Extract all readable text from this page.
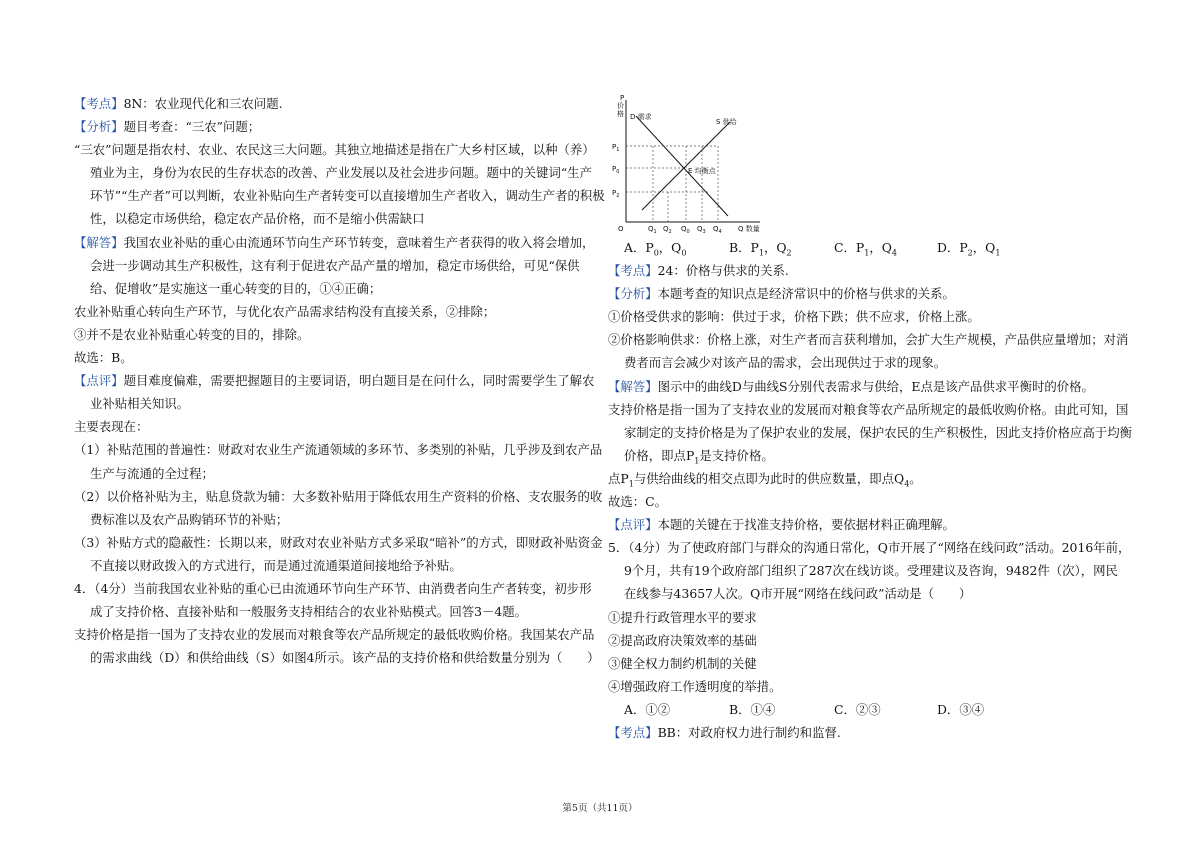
【考点】8N：农业现代化和三农问题.
【分析】题目考查：“三农”问题；
“三农”问题是指农村、农业、农民这三大问题。其独立地描述是指在广大乡村区域，以种（养）
殖业为主，身份为农民的生存状态的改善、产业发展以及社会进步问题。题中的关键词“生产
环节”“生产者”可以判断，农业补贴向生产者转变可以直接增加生产者收入，调动生产者的积极
性，以稳定市场供给，稳定农产品价格，而不是缩小供需缺口
【解答】我国农业补贴的重心由流通环节向生产环节转变，意味着生产者获得的收入将会增加，
会进一步调动其生产积极性，这有利于促进农产品产量的增加，稳定市场供给，可见“保供
给、促增收”是实施这一重心转变的目的，①④正确；
农业补贴重心转向生产环节，与优化农产品需求结构没有直接关系，②排除；
③并不是农业补贴重心转变的目的，排除。
故选：B。
【点评】题目难度偏难，需要把握题目的主要词语，明白题目是在问什么，同时需要学生了解农
业补贴相关知识。
主要表现在：
（1）补贴范围的普遍性：财政对农业生产流通领域的多环节、多类别的补贴，几乎涉及到农产品
生产与流通的全过程；
（2）以价格补贴为主，贴息贷款为辅：大多数补贴用于降低农用生产资料的价格、支农服务的收
费标准以及农产品购销环节的补贴；
（3）补贴方式的隐蔽性：长期以来，财政对农业补贴方式多采取“暗补”的方式，即财政补贴资金
不直接以财政拨入的方式进行，而是通过流通渠道间接地给予补贴。
4．（4分）当前我国农业补贴的重心已由流通环节向生产环节、由消费者向生产者转变，初步形
成了支持价格、直接补贴和一般服务支持相结合的农业补贴模式。回答3－4题。
支持价格是指一国为了支持农业的发展而对粮食等农产品所规定的最低收购价格。我国某农产品
的需求曲线（D）和供给曲线（S）如图4所示。该产品的支持价格和供给数量分别为（　　）
P
价
格
O	Q 数量
D 需求
S 供给
E 均衡点
$P_1$
$P_0$
$P_2$
$Q_1$ $Q_2$ $Q_0$ $Q_3$ $Q_4$
A．$P_0$，$Q_0$	B．$P_1$，$Q_2$	C．$P_1$，$Q_4$	D．$P_2$，$Q_1$
【考点】24：价格与供求的关系.
【分析】本题考查的知识点是经济常识中的价格与供求的关系。
①价格受供求的影响：供过于求，价格下跌；供不应求，价格上涨。
②价格影响供求：价格上涨，对生产者而言获利增加，会扩大生产规模，产品供应量增加；对消
费者而言会减少对该产品的需求，会出现供过于求的现象。
【解答】图示中的曲线D与曲线S分别代表需求与供给，E点是该产品供求平衡时的价格。
支持价格是指一国为了支持农业的发展而对粮食等农产品所规定的最低收购价格。由此可知，国
家制定的支持价格是为了保护农业的发展，保护农民的生产积极性，因此支持价格应高于均衡
价格，即点$P_1$是支持价格。
点$P_1$与供给曲线的相交点即为此时的供应数量，即点$Q_4$。
故选：C。
【点评】本题的关键在于找准支持价格，要依据材料正确理解。
5．（4分）为了使政府部门与群众的沟通日常化，Q市开展了“网络在线问政”活动。2016年前，
9个月，共有19个政府部门组织了287次在线访谈。受理建议及咨询，9482件（次），网民
在线参与43657人次。Q市开展“网络在线问政”活动是（　　）
①提升行政管理水平的要求
②提高政府决策效率的基础
③健全权力制约机制的关健
④增强政府工作透明度的举措。
A．①②	B．①④	C．②③	D．③④
【考点】BB：对政府权力进行制约和监督.
第5页（共11页）
